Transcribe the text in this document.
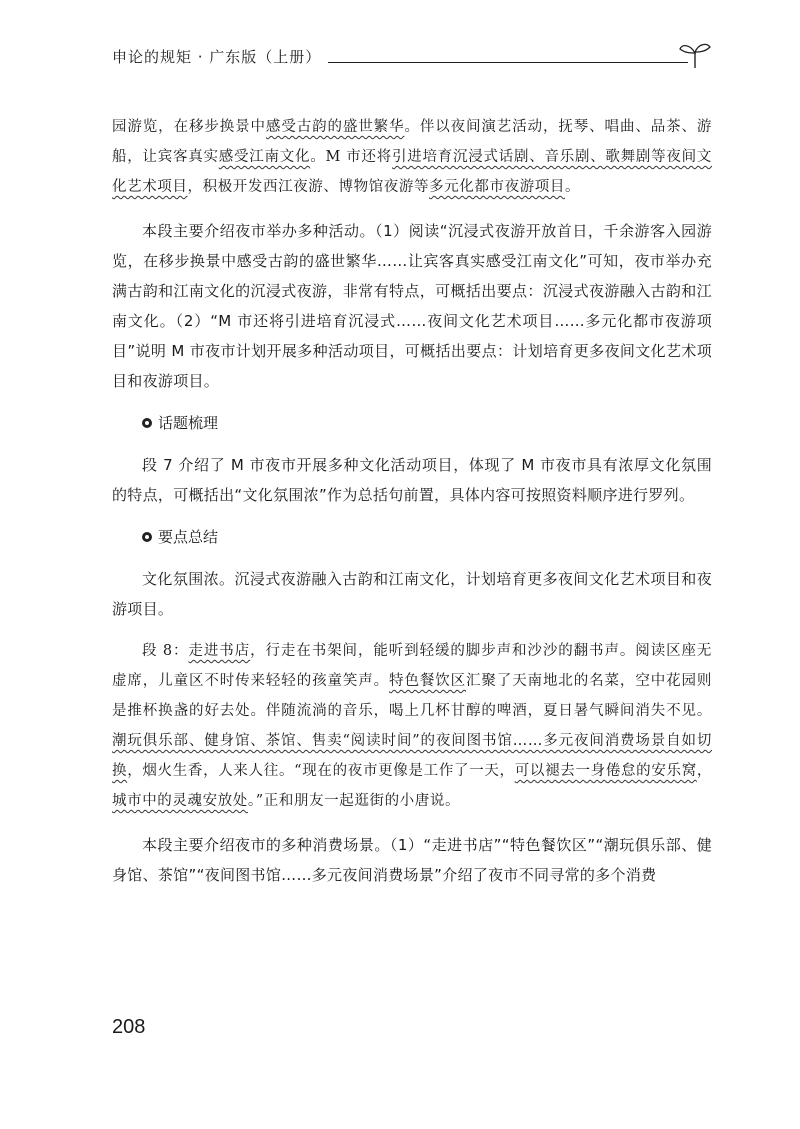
申论的规矩 · 广东版（上册）

园游览，在移步换景中感受古韵的盛世繁华。伴以夜间演艺活动，抚琴、唱曲、品茶、游船，让宾客真实感受江南文化。M 市还将引进培育沉浸式话剧、音乐剧、歌舞剧等夜间文化艺术项目，积极开发西江夜游、博物馆夜游等多元化都市夜游项目。

本段主要介绍夜市举办多种活动。（1）阅读“沉浸式夜游开放首日，千余游客入园游览，在移步换景中感受古韵的盛世繁华……让宾客真实感受江南文化”可知，夜市举办充满古韵和江南文化的沉浸式夜游，非常有特点，可概括出要点：沉浸式夜游融入古韵和江南文化。（2）“M 市还将引进培育沉浸式……夜间文化艺术项目……多元化都市夜游项目”说明 M 市夜市计划开展多种活动项目，可概括出要点：计划培育更多夜间文化艺术项目和夜游项目。

话题梳理

段 7 介绍了 M 市夜市开展多种文化活动项目，体现了 M 市夜市具有浓厚文化氛围的特点，可概括出“文化氛围浓”作为总括句前置，具体内容可按照资料顺序进行罗列。

要点总结

文化氛围浓。沉浸式夜游融入古韵和江南文化，计划培育更多夜间文化艺术项目和夜游项目。

段 8：走进书店，行走在书架间，能听到轻缓的脚步声和沙沙的翻书声。阅读区座无虚席，儿童区不时传来轻轻的孩童笑声。特色餐饮区汇聚了天南地北的名菜，空中花园则是推杯换盏的好去处。伴随流淌的音乐，喝上几杯甘醇的啤酒，夏日暑气瞬间消失不见。潮玩俱乐部、健身馆、茶馆、售卖“阅读时间”的夜间图书馆……多元夜间消费场景自如切换，烟火生香，人来人往。“现在的夜市更像是工作了一天，可以褪去一身倦怠的安乐窝，城市中的灵魂安放处。”正和朋友一起逛街的小唐说。

本段主要介绍夜市的多种消费场景。（1）“走进书店”“特色餐饮区”“潮玩俱乐部、健身馆、茶馆”“夜间图书馆……多元夜间消费场景”介绍了夜市不同寻常的多个消费

208
